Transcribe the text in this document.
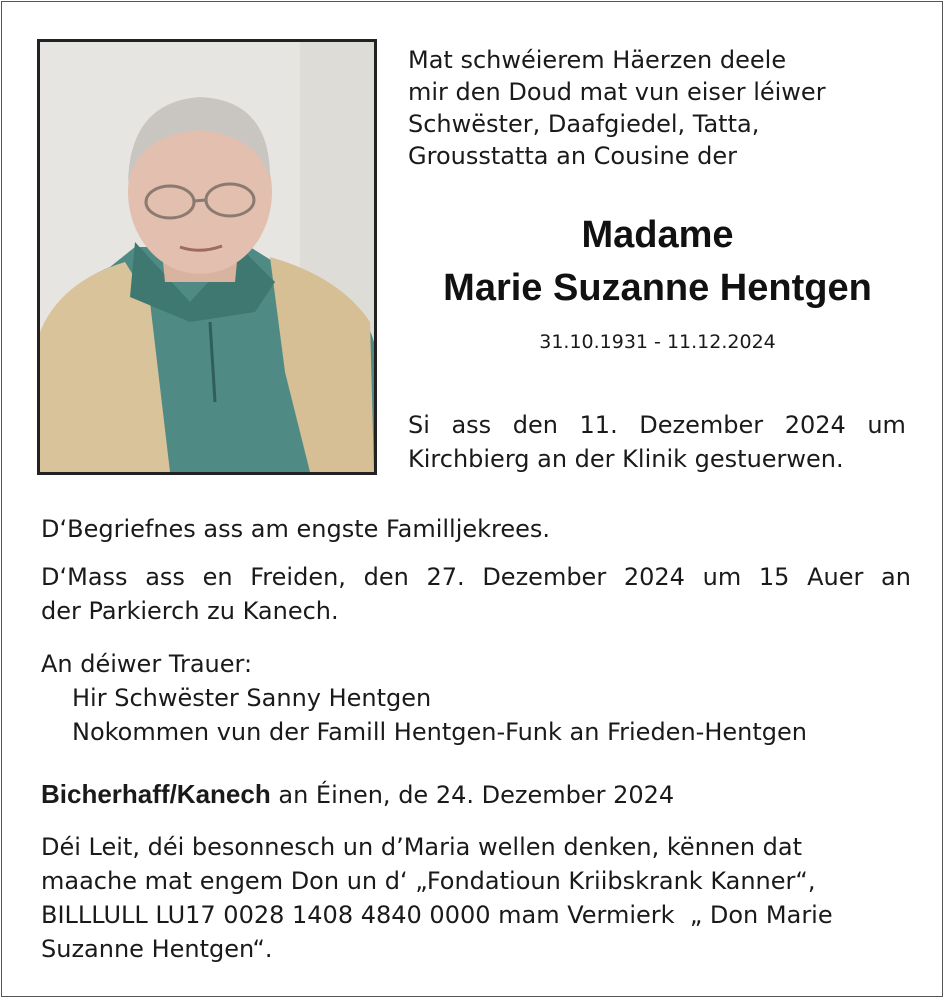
Mat schwéierem Häerzen deele
mir den Doud mat vun eiser léiwer
Schwëster, Daafgiedel, Tatta,
Grousstatta an Cousine der
Madame
Marie Suzanne Hentgen
31.10.1931 - 11.12.2024
Si ass den 11. Dezember 2024 um
Kirchbierg an der Klinik gestuerwen.
D‘Begriefnes ass am engste Familljekrees.
D‘Mass ass en Freiden, den 27. Dezember 2024 um 15 Auer an
der Parkierch zu Kanech.
An déiwer Trauer:
Hir Schwëster Sanny Hentgen
Nokommen vun der Famill Hentgen-Funk an Frieden-Hentgen
Bicherhaff/Kanech an Éinen, de 24. Dezember 2024
Déi Leit, déi besonnesch un d’Maria wellen denken, kënnen dat
maache mat engem Don un d‘ „Fondatioun Kriibskrank Kanner“,
BILLLULL LU17 0028 1408 4840 0000 mam Vermierk  „ Don Marie
Suzanne Hentgen“.
